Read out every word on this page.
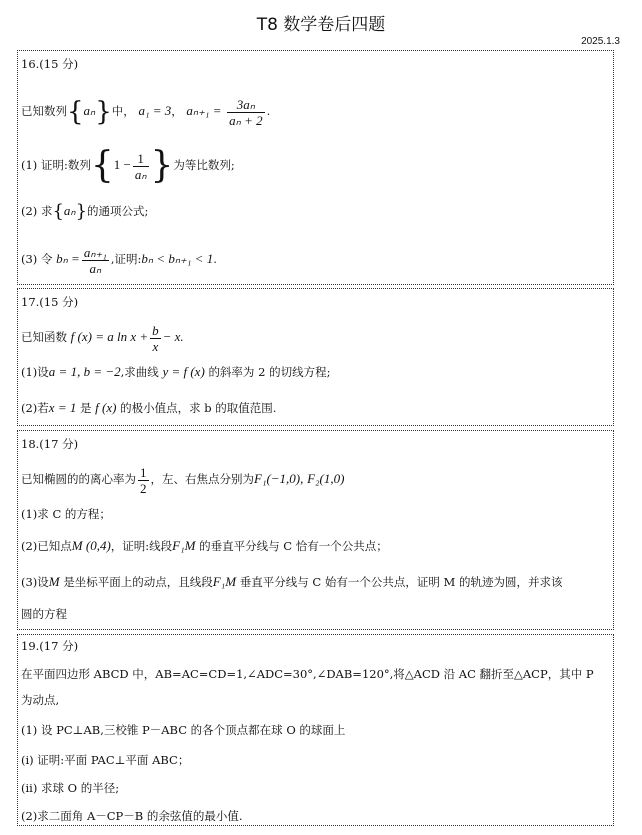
T8 数学卷后四题
2025.1.3
16.(15 分)
已知数列{aₙ}中， a₁ = 3， $a_{n+1} = \frac{\text{3aₙ}}{\text{aₙ + 2}}$ .
(1) 证明:数列{$1 - \frac{1}{\text{aₙ}}$ }为等比数列;
(2) 求{aₙ}的通项公式;
(3) 令 $b_n = \frac{\text{aₙ₊₁}}{\text{aₙ}}$ ,证明:bₙ < bₙ₊₁ < 1.
17.(15 分)
已知函数 f (x) = a $\ln x + \frac{b}{x} - x$.
(1)设a = 1, b = −2,求曲线 y = f (x) 的斜率为 2 的切线方程;
(2)若x = 1 是 f (x) 的极小值点，求 b 的取值范围.
18.(17 分)
已知椭圆的的离心率为 $\frac{1}{2}$ ，左、右焦点分别为F₁(−1,0), F₂(1,0)
(1)求 C 的方程；
(2)已知点M (0,4)，证明:线段F₁M 的垂直平分线与 C 恰有一个公共点；
(3)设M 是坐标平面上的动点，且线段F₁M 垂直平分线与 C 始有一个公共点，证明 M 的轨迹为圆，并求该
圆的方程
19.(17 分)
在平面四边形 ABCD 中，AB=AC=CD=1,∠ADC=30°,∠DAB=120°,将△ACD 沿 AC 翻折至△ACP，其中 P
为动点,
(1) 设 PC⊥AB,三校锥 P－ABC 的各个顶点都在球 O 的球面上
(i) 证明:平面 PAC⊥平面 ABC；
(ii) 求球 O 的半径;
(2)求二面角 A－CP－B 的余弦值的最小值.
